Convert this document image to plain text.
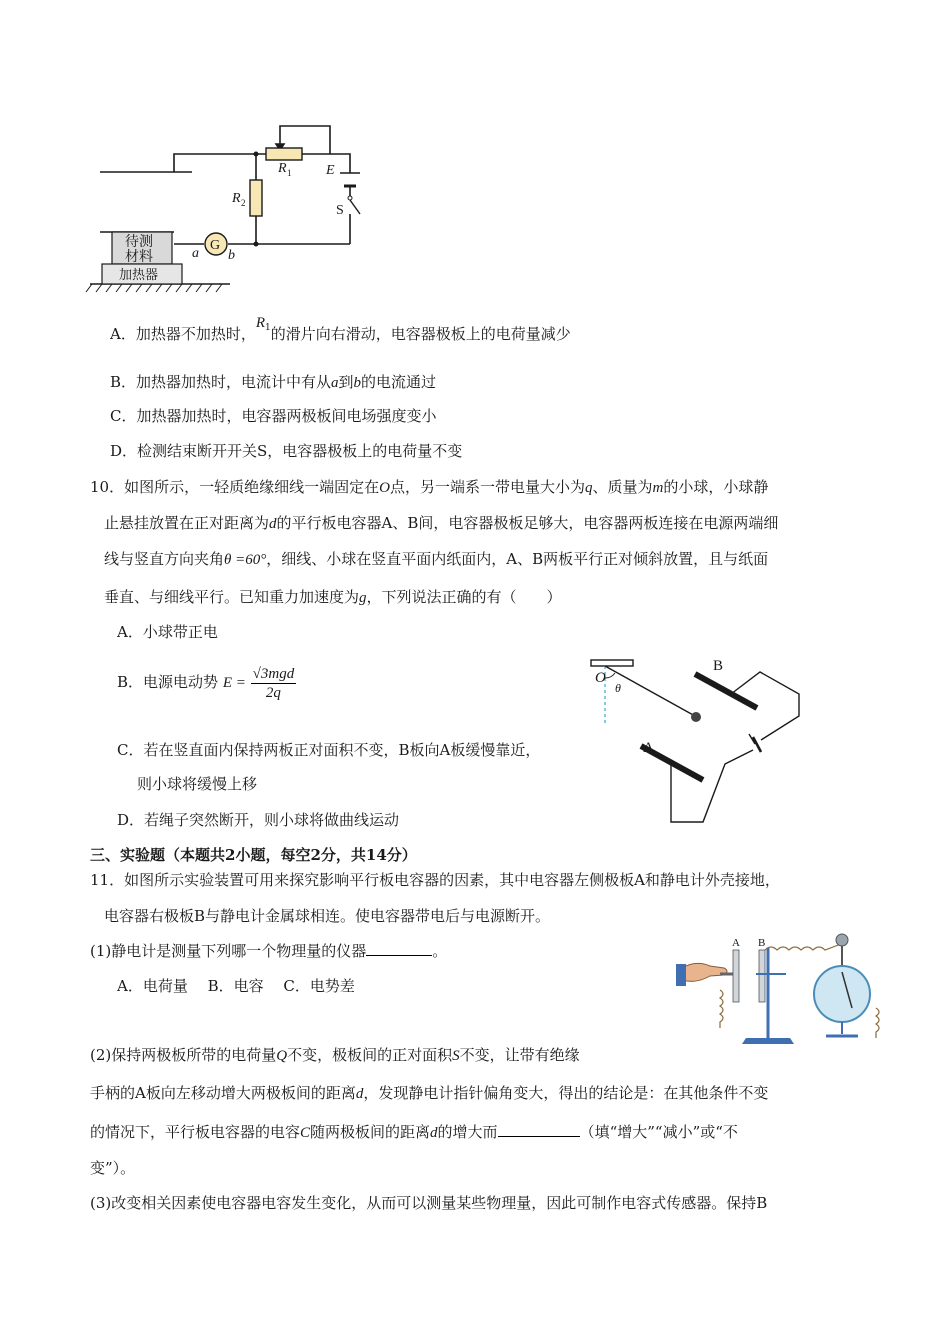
G
待测
材料
加热器
R 1
R 2
E
S
a b
A．加热器不加热时，$R^1$的滑片向右滑动，电容器极板上的电荷量减少
B．加热器加热时，电流计中有从a到b的电流通过
C．加热器加热时，电容器两极板间电场强度变小
D．检测结束断开开关S，电容器极板上的电荷量不变
10．如图所示，一轻质绝缘细线一端固定在O点，另一端系一带电量大小为q、质量为m的小球，小球静
止悬挂放置在正对距离为d的平行板电容器A、B间，电容器极板足够大，电容器两板连接在电源两端细
线与竖直方向夹角θ =60°，细线、小球在竖直平面内纸面内，A、B两板平行正对倾斜放置，且与纸面
垂直、与细线平行。已知重力加速度为g，下列说法正确的有（　　）
A．小球带正电
B．电源电动势 $E = \frac{\text{√3mgd}}{2q}$
C．若在竖直面内保持两板正对面积不变，B板向A板缓慢靠近，
则小球将缓慢上移
D．若绳子突然断开，则小球将做曲线运动
O
θ
B
A
三、实验题（本题共2小题，每空2分，共14分）
11．如图所示实验装置可用来探究影响平行板电容器的因素，其中电容器左侧极板A和静电计外壳接地，
电容器右极板B与静电计金属球相连。使电容器带电后与电源断开。
(1)静电计是测量下列哪一个物理量的仪器	。
A．电荷量　 B．电容　 C．电势差
A B
(2)保持两极板所带的电荷量Q不变，极板间的正对面积S不变，让带有绝缘
手柄的A板向左移动增大两极板间的距离d，发现静电计指针偏角变大，得出的结论是：在其他条件不变
的情况下，平行板电容器的电容C随两极板间的距离d的增大而	（填“增大”“减小”或“不
变”）。
(3)改变相关因素使电容器电容发生变化，从而可以测量某些物理量，因此可制作电容式传感器。保持B
